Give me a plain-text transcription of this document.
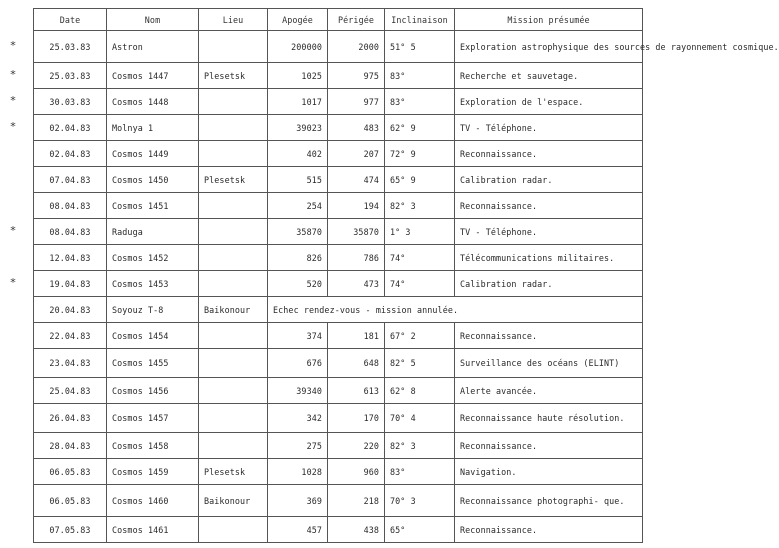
*
*
*
*
*
*
Date	Nom	Lieu	Apogée	Périgée	Inclinaison	Mission présumée
25.03.83	Astron		200000	2000	51° 5	Exploration astrophysique des sources de rayonnement cosmique.
25.03.83	Cosmos 1447	Plesetsk	1025	975	83°	Recherche et sauvetage.
30.03.83	Cosmos 1448		1017	977	83°	Exploration de l'espace.
02.04.83	Molnya 1		39023	483	62° 9	TV - Téléphone.
02.04.83	Cosmos 1449		402	207	72° 9	Reconnaissance.
07.04.83	Cosmos 1450	Plesetsk	515	474	65° 9	Calibration radar.
08.04.83	Cosmos 1451		254	194	82° 3	Reconnaissance.
08.04.83	Raduga		35870	35870	1° 3	TV - Téléphone.
12.04.83	Cosmos 1452		826	786	74°	Télécommunications militaires.
19.04.83	Cosmos 1453		520	473	74°	Calibration radar.
20.04.83	Soyouz T-8	Baikonour	Echec rendez-vous - mission annulée.			
22.04.83	Cosmos 1454		374	181	67° 2	Reconnaissance.
23.04.83	Cosmos 1455		676	648	82° 5	Surveillance des océans (ELINT)
25.04.83	Cosmos 1456		39340	613	62° 8	Alerte avancée.
26.04.83	Cosmos 1457		342	170	70° 4	Reconnaissance haute résolution.
28.04.83	Cosmos 1458		275	220	82° 3	Reconnaissance.
06.05.83	Cosmos 1459	Plesetsk	1028	960	83°	Navigation.
06.05.83	Cosmos 1460	Baikonour	369	218	70° 3	Reconnaissance photographi- que.
07.05.83	Cosmos 1461		457	438	65°	Reconnaissance.
